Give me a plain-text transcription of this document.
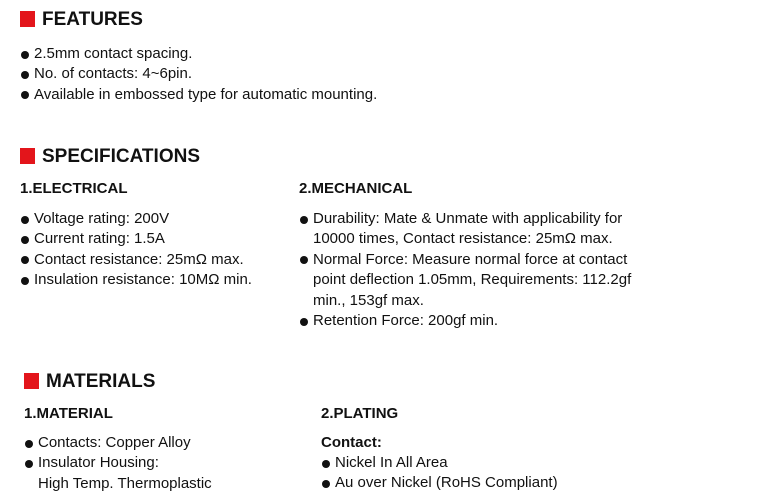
FEATURES
2.5mm contact spacing.
No. of contacts: 4~6pin.
Available in embossed type for automatic mounting.
SPECIFICATIONS
1.ELECTRICAL
Voltage rating: 200V
Current rating: 1.5A
Contact resistance: 25mΩ max.
Insulation resistance: 10MΩ min.
2.MECHANICAL
Durability: Mate & Unmate with applicability for
10000 times, Contact resistance: 25mΩ max.
Normal Force: Measure normal force at contact
point deflection 1.05mm, Requirements: 112.2gf
min., 153gf max.
Retention Force: 200gf min.
MATERIALS
1.MATERIAL
Contacts: Copper Alloy
Insulator Housing:
High Temp. Thermoplastic
2.PLATING
Contact:
Nickel In All Area
Au over Nickel (RoHS Compliant)
